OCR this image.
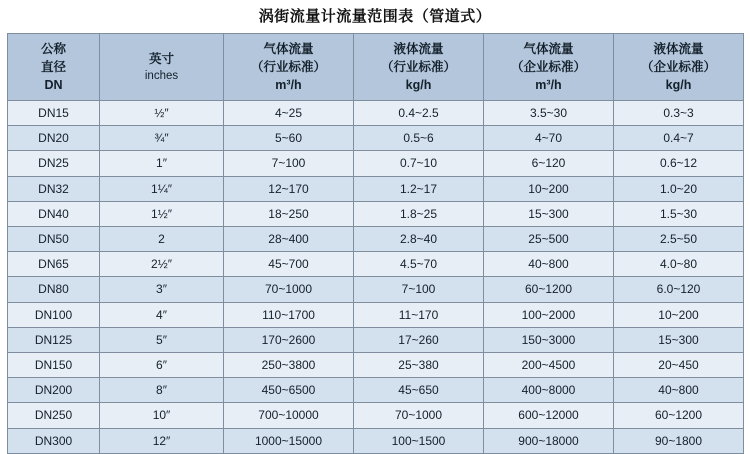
涡街流量计流量范围表（管道式）
公称
直径
DN	英寸
inches	气体流量
（行业标准）
m³/h	液体流量
（行业标准）
kg/h	气体流量
（企业标准）
m³/h	液体流量
（企业标准）
kg/h

DN15	½″	4~25	0.4~2.5	3.5~30	0.3~3
DN20	¾″	5~60	0.5~6	4~70	0.4~7
DN25	1″	7~100	0.7~10	6~120	0.6~12
DN32	1¼″	12~170	1.2~17	10~200	1.0~20
DN40	1½″	18~250	1.8~25	15~300	1.5~30
DN50	2	28~400	2.8~40	25~500	2.5~50
DN65	2½″	45~700	4.5~70	40~800	4.0~80
DN80	3″	70~1000	7~100	60~1200	6.0~120
DN100	4″	110~1700	11~170	100~2000	10~200
DN125	5″	170~2600	17~260	150~3000	15~300
DN150	6″	250~3800	25~380	200~4500	20~450
DN200	8″	450~6500	45~650	400~8000	40~800
DN250	10″	700~10000	70~1000	600~12000	60~1200
DN300	12″	1000~15000	100~1500	900~18000	90~1800
